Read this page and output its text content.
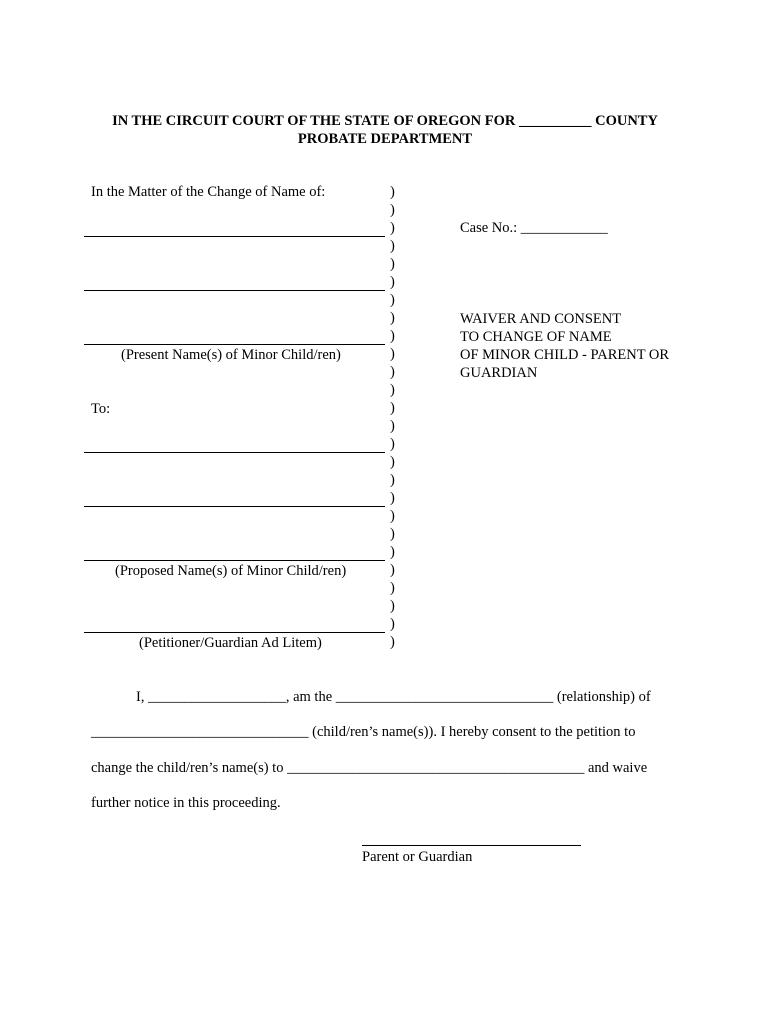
IN THE CIRCUIT COURT OF THE STATE OF OREGON FOR __________ COUNTY
PROBATE DEPARTMENT
In the Matter of the Change of Name of:
(Present Name(s) of Minor Child/ren)
To:
(Proposed Name(s) of Minor Child/ren)
(Petitioner/Guardian Ad Litem)
)
)
)
)
)
)
)
)
)
)
)
)
)
)
)
)
)
)
)
)
)
)
)
)
)
)
Case No.: ____________
WAIVER AND CONSENT
TO CHANGE OF NAME
OF MINOR CHILD - PARENT OR
GUARDIAN
I, ___________________, am the ______________________________ (relationship) of
______________________________ (child/ren’s name(s)). I hereby consent to the petition to
change the child/ren’s name(s) to _________________________________________ and waive
further notice in this proceeding.
Parent or Guardian
